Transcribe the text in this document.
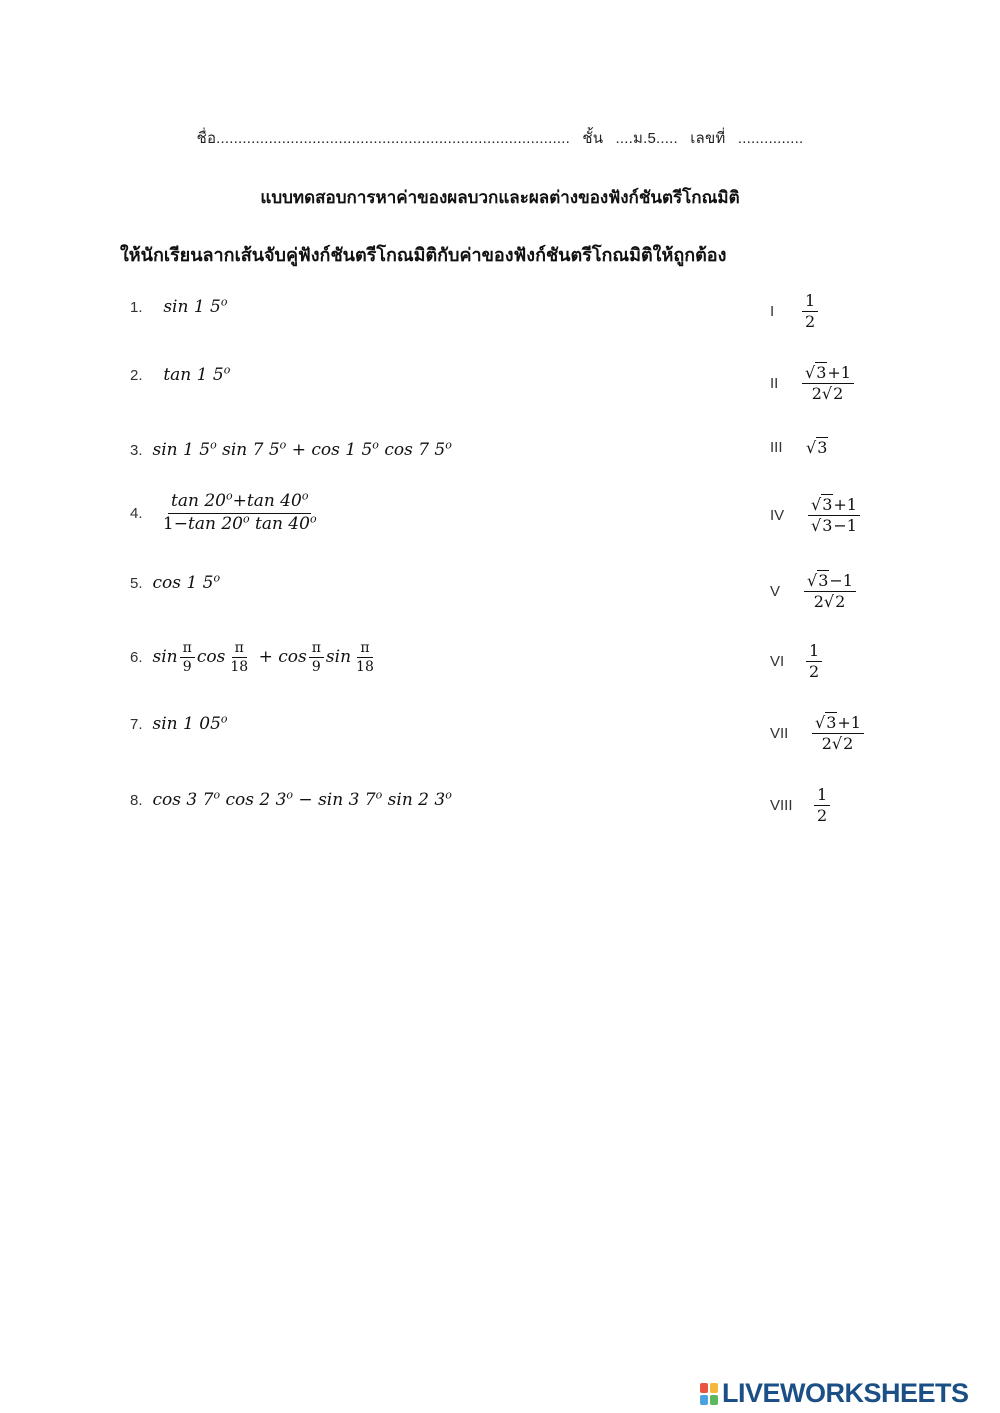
ชื่อ................................................................................. ชั้น ....ม.5..... เลขที่ ...............
แบบทดสอบการหาค่าของผลบวกและผลต่างของฟังก์ชันตรีโกณมิติ
ให้นักเรียนลากเส้นจับคู่ฟังก์ชันตรีโกณมิติกับค่าของฟังก์ชันตรีโกณมิติให้ถูกต้อง
1. sin 1 5$^o$
2. tan 1 5$^o$
3. sin 1 5$^o$ sin 7 $5^o + \cos 1$ 5$^o$ cos 7 5$^o$
4. $\frac{\tan 20^o+\tan 40^o}{1-\tan 20^o \tan 40^o}$
5. cos 1 5$^o$
6. $\sin \frac{\pi}{9}$ $\cos \frac{\pi}{18} + \cos \frac{\pi}{9}$ $\sin \frac{\pi}{18}$
7. sin 1 05$^o$
8. cos 3 7$^o$ cos 2 $3^o - \sin 3$ 7$^o$ sin 2 3$^o$
I	$\frac{1}{2}$
II	$\frac{√3+1}{2√2}$
III	√3
IV	$\frac{√3+1}{√3-1}$
V	$\frac{√3-1}{2√2}$
VI	$\frac{1}{2}$
VII	$\frac{√3+1}{2√2}$
VIII	$\frac{1}{2}$
LIVEWORKSHEETS
